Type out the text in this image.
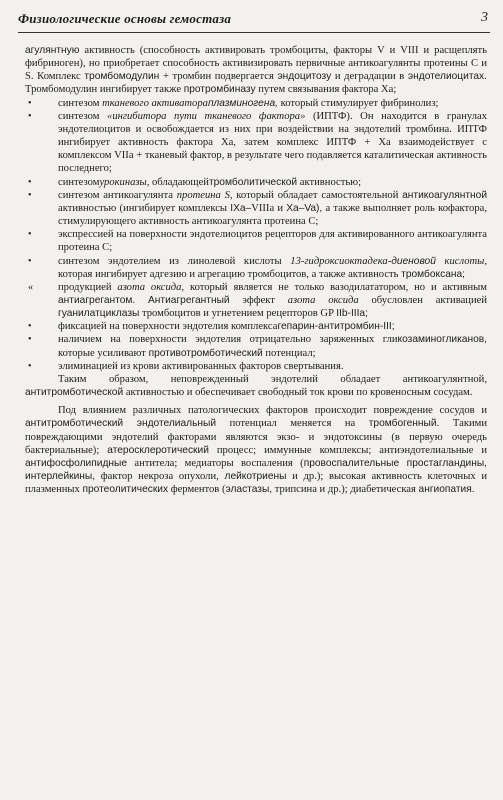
Физиологические основы гемостаза	3

агулянтную активность (способность активировать тромбоциты, факторы V и VIII и расщеплять фибриноген), но приобретает способность активизировать первичные антикоагулянты протеины С и S. Комплекс тромбомодулин + тромбин подвергается эндоцитозу и деградации в эндотелиоцитах. Тромбомодулин ингибирует также протромбиназу путем связывания фактора Ха;

• синтезом тканевого активатораплазминогена, который стимулирует фибринолиз;

• синтезом «ингибитора пути тканевого фактора» (ИПТФ). Он находится в гранулах эндотелиоцитов и освобождается из них при воздействии на эндотелий тромбина. ИПТФ ингибирует активность фактора Ха, затем комплекс ИПТФ + Ха взаимодействует с комплексом VIIa + тканевый фактор, в результате чего подавляется каталитическая активность последнего;

• синтезомурокиназы, обладающейтромболитической активностью;

• синтезом антикоагулянта протеина S, который обладает самостоятельной антикоагулянтной активностью (ингибирует комплексы IXa–VIIIa и Xa–Va), а также выполняет роль кофактора, стимулирующего активность антикоагулянта протеина С;

• экспрессией на поверхности эндотелиоцитов рецепторов для активированного антикоагулянта протеина С;

• синтезом эндотелием из линолевой кислоты 13-гидроксиоктадека-диеновой кислоты, которая ингибирует адгезию и агрегацию тромбоцитов, а также активность тромбоксана;

« продукцией азота оксида, который является не только вазодилататором, но и активным антиагрегантом. Антиагрегантный эффект азота оксида обусловлен активацией гуанилатциклазы тромбоцитов и угнетением рецепторов GP IIb-IIIa;

• фиксацией на поверхности эндотелия комплексагепарин-антитромбин-III;

• наличием на поверхности эндотелия отрицательно заряженных гликозаминогликанов, которые усиливают противотромботический потенциал;

• элиминацией из крови активированных факторов свертывания.

Таким образом, неповрежденный эндотелий обладает антикоагулянтной, антитромботической активностью и обеспечивает свободный ток крови по кровеносным сосудам.

Под влиянием различных патологических факторов происходит повреждение сосудов и антитромботический эндотелиальный потенциал меняется на тромбогенный. Такими повреждающими эндотелий факторами являются экзо- и эндотоксины (в первую очередь бактериальные); атеросклеротический процесс; иммунные комплексы; антиэндотелиальные и антифосфолипидные антитела; медиаторы воспаления (провоспалительные простагландины, интерлейкины, фактор некроза опухоли, лейкотриены и др.); высокая активность клеточных и плазменных протеолитических ферментов (эластазы, трипсина и др.); диабетическая ангиопатия.
